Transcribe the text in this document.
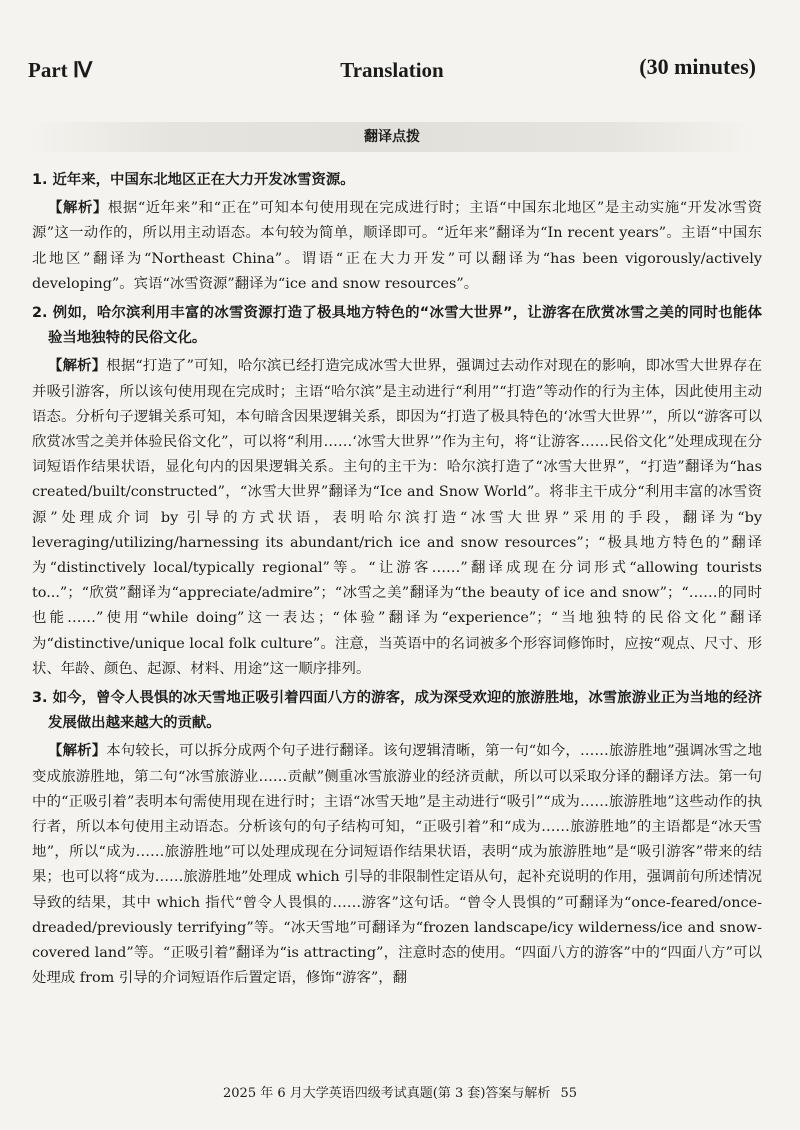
Part Ⅳ	Translation	(30 minutes)
翻译点拨

1. 近年来，中国东北地区正在大力开发冰雪资源。

【解析】根据“近年来”和“正在”可知本句使用现在完成进行时；主语“中国东北地区”是主动实施“开发冰雪资源”这一动作的，所以用主动语态。本句较为简单，顺译即可。“近年来”翻译为“In recent years”。主语“中国东北地区”翻译为“Northeast China”。谓语“正在大力开发”可以翻译为“has been vigorously/actively developing”。宾语“冰雪资源”翻译为“ice and snow resources”。

2. 例如，哈尔滨利用丰富的冰雪资源打造了极具地方特色的“冰雪大世界”，让游客在欣赏冰雪之美的同时也能体验当地独特的民俗文化。

【解析】根据“打造了”可知，哈尔滨已经打造完成冰雪大世界，强调过去动作对现在的影响，即冰雪大世界存在并吸引游客，所以该句使用现在完成时；主语“哈尔滨”是主动进行“利用”“打造”等动作的行为主体，因此使用主动语态。分析句子逻辑关系可知，本句暗含因果逻辑关系，即因为“打造了极具特色的‘冰雪大世界’”，所以“游客可以欣赏冰雪之美并体验民俗文化”，可以将“利用……‘冰雪大世界’”作为主句，将“让游客……民俗文化”处理成现在分词短语作结果状语，显化句内的因果逻辑关系。主句的主干为：哈尔滨打造了“冰雪大世界”，“打造”翻译为“has created/built/constructed”，“冰雪大世界”翻译为“Ice and Snow World”。将非主干成分“利用丰富的冰雪资源”处理成介词 by 引导的方式状语，表明哈尔滨打造“冰雪大世界”采用的手段，翻译为“by leveraging/utilizing/harnessing its abundant/rich ice and snow resources”；“极具地方特色的”翻译为“distinctively local/typically regional”等。“让游客……”翻译成现在分词形式“allowing tourists to...”；“欣赏”翻译为“appreciate/admire”；“冰雪之美”翻译为“the beauty of ice and snow”；“……的同时也能……”使用“while doing”这一表达；“体验”翻译为“experience”；“当地独特的民俗文化”翻译为“distinctive/unique local folk culture”。注意，当英语中的名词被多个形容词修饰时，应按“观点、尺寸、形状、年龄、颜色、起源、材料、用途”这一顺序排列。

3. 如今，曾令人畏惧的冰天雪地正吸引着四面八方的游客，成为深受欢迎的旅游胜地，冰雪旅游业正为当地的经济发展做出越来越大的贡献。

【解析】本句较长，可以拆分成两个句子进行翻译。该句逻辑清晰，第一句“如今，……旅游胜地”强调冰雪之地变成旅游胜地，第二句“冰雪旅游业……贡献”侧重冰雪旅游业的经济贡献，所以可以采取分译的翻译方法。第一句中的“正吸引着”表明本句需使用现在进行时；主语“冰雪天地”是主动进行“吸引”“成为……旅游胜地”这些动作的执行者，所以本句使用主动语态。分析该句的句子结构可知，“正吸引着”和“成为……旅游胜地”的主语都是“冰天雪地”，所以“成为……旅游胜地”可以处理成现在分词短语作结果状语，表明“成为旅游胜地”是“吸引游客”带来的结果；也可以将“成为……旅游胜地”处理成 which 引导的非限制性定语从句，起补充说明的作用，强调前句所述情况导致的结果，其中 which 指代“曾令人畏惧的……游客”这句话。“曾令人畏惧的”可翻译为“once-feared/once-dreaded/previously terrifying”等。“冰天雪地”可翻译为“frozen landscape/icy wilderness/ice and snow-covered land”等。“正吸引着”翻译为“is attracting”，注意时态的使用。“四面八方的游客”中的“四面八方”可以处理成 from 引导的介词短语作后置定语，修饰“游客”，翻

2025 年 6 月大学英语四级考试真题(第 3 套)答案与解析 55
